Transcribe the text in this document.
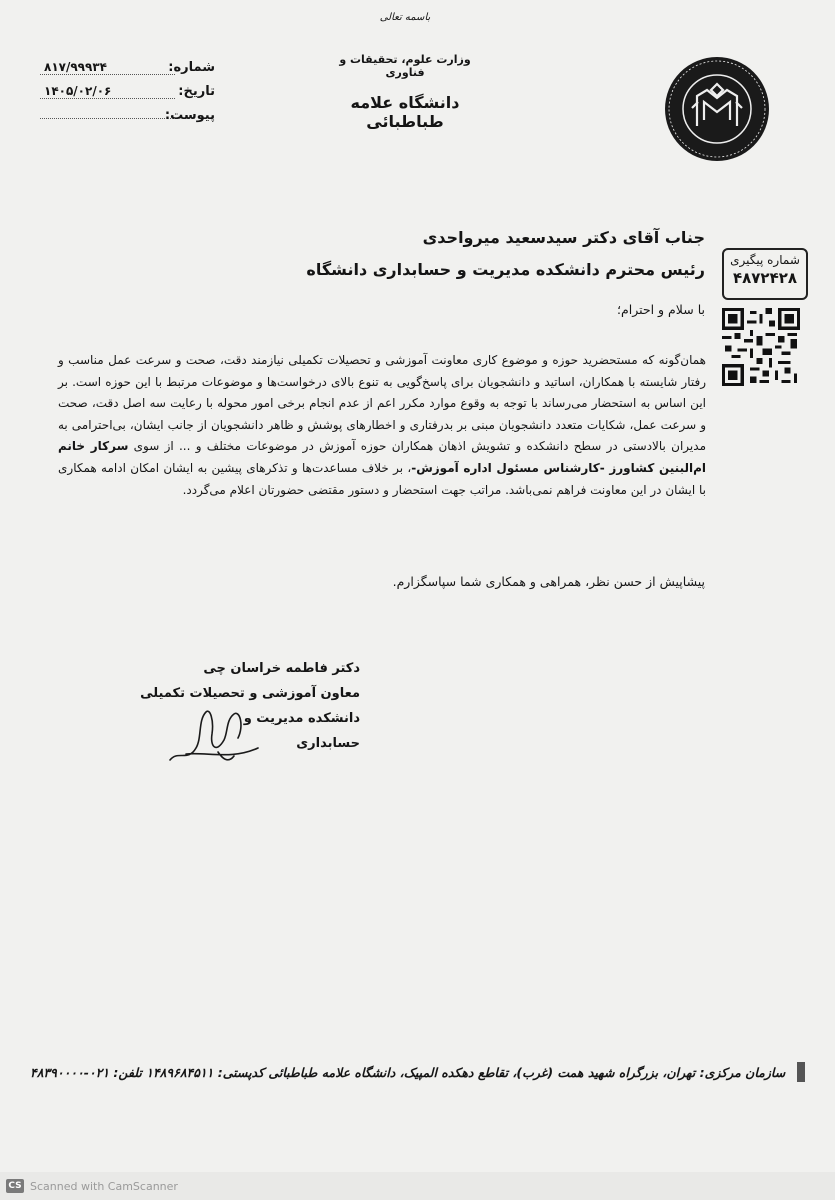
شماره:
۸۱۷/۹۹۹۳۴
تاریخ:
۱۴۰۵/۰۲/۰۶
پیوست:
باسمه تعالی
وزارت علوم، تحقیقات و فناوری
دانشگاه علامه طباطبائی
شماره پیگیری
۴۸۷۲۴۲۸
جناب آقای دکتر سیدسعید میرواحدی
رئیس محترم دانشکده مدیریت و حسابداری دانشگاه
با سلام و احترام؛
همان‌گونه که مستحضرید حوزه و موضوع کاری معاونت آموزشی و تحصیلات تکمیلی نیازمند دقت، صحت و سرعت عمل مناسب و رفتار شایسته با همکاران، اساتید و دانشجویان برای پاسخ‌گویی به تنوع بالای درخواست‌ها و موضوعات مرتبط با این حوزه است. بر این اساس به استحضار می‌رساند با توجه به وقوع موارد مکرر اعم از عدم انجام برخی امور محوله با رعایت سه اصل دقت، صحت و سرعت عمل، شکایات متعدد دانشجویان مبنی بر بدرفتاری و اخطارهای پوشش و ظاهر دانشجویان از جانب ایشان، بی‌احترامی به مدیران بالادستی در سطح دانشکده و تشویش اذهان همکاران حوزه آموزش در موضوعات مختلف و ... از سوی سرکار خانم ام‌البنین کشاورز -کارشناس مسئول اداره آموزش-، بر خلاف مساعدت‌ها و تذکرهای پیشین به ایشان امکان ادامه همکاری با ایشان در این معاونت فراهم نمی‌باشد. مراتب جهت استحضار و دستور مقتضی حضورتان اعلام می‌گردد.
پیشاپیش از حسن نظر، همراهی و همکاری شما سپاسگزارم.
دکتر فاطمه خراسان چی
معاون آموزشی و تحصیلات تکمیلی دانشکده مدیریت و
حسابداری
سازمان مرکزی: تهران، بزرگراه شهید همت (غرب)، تقاطع دهکده المپیک، دانشگاه علامه طباطبائی کدپستی: ۱۴۸۹۶۸۴۵۱۱ تلفن: ۰۲۱-۴۸۳۹۰۰۰۰
CS Scanned with CamScanner
